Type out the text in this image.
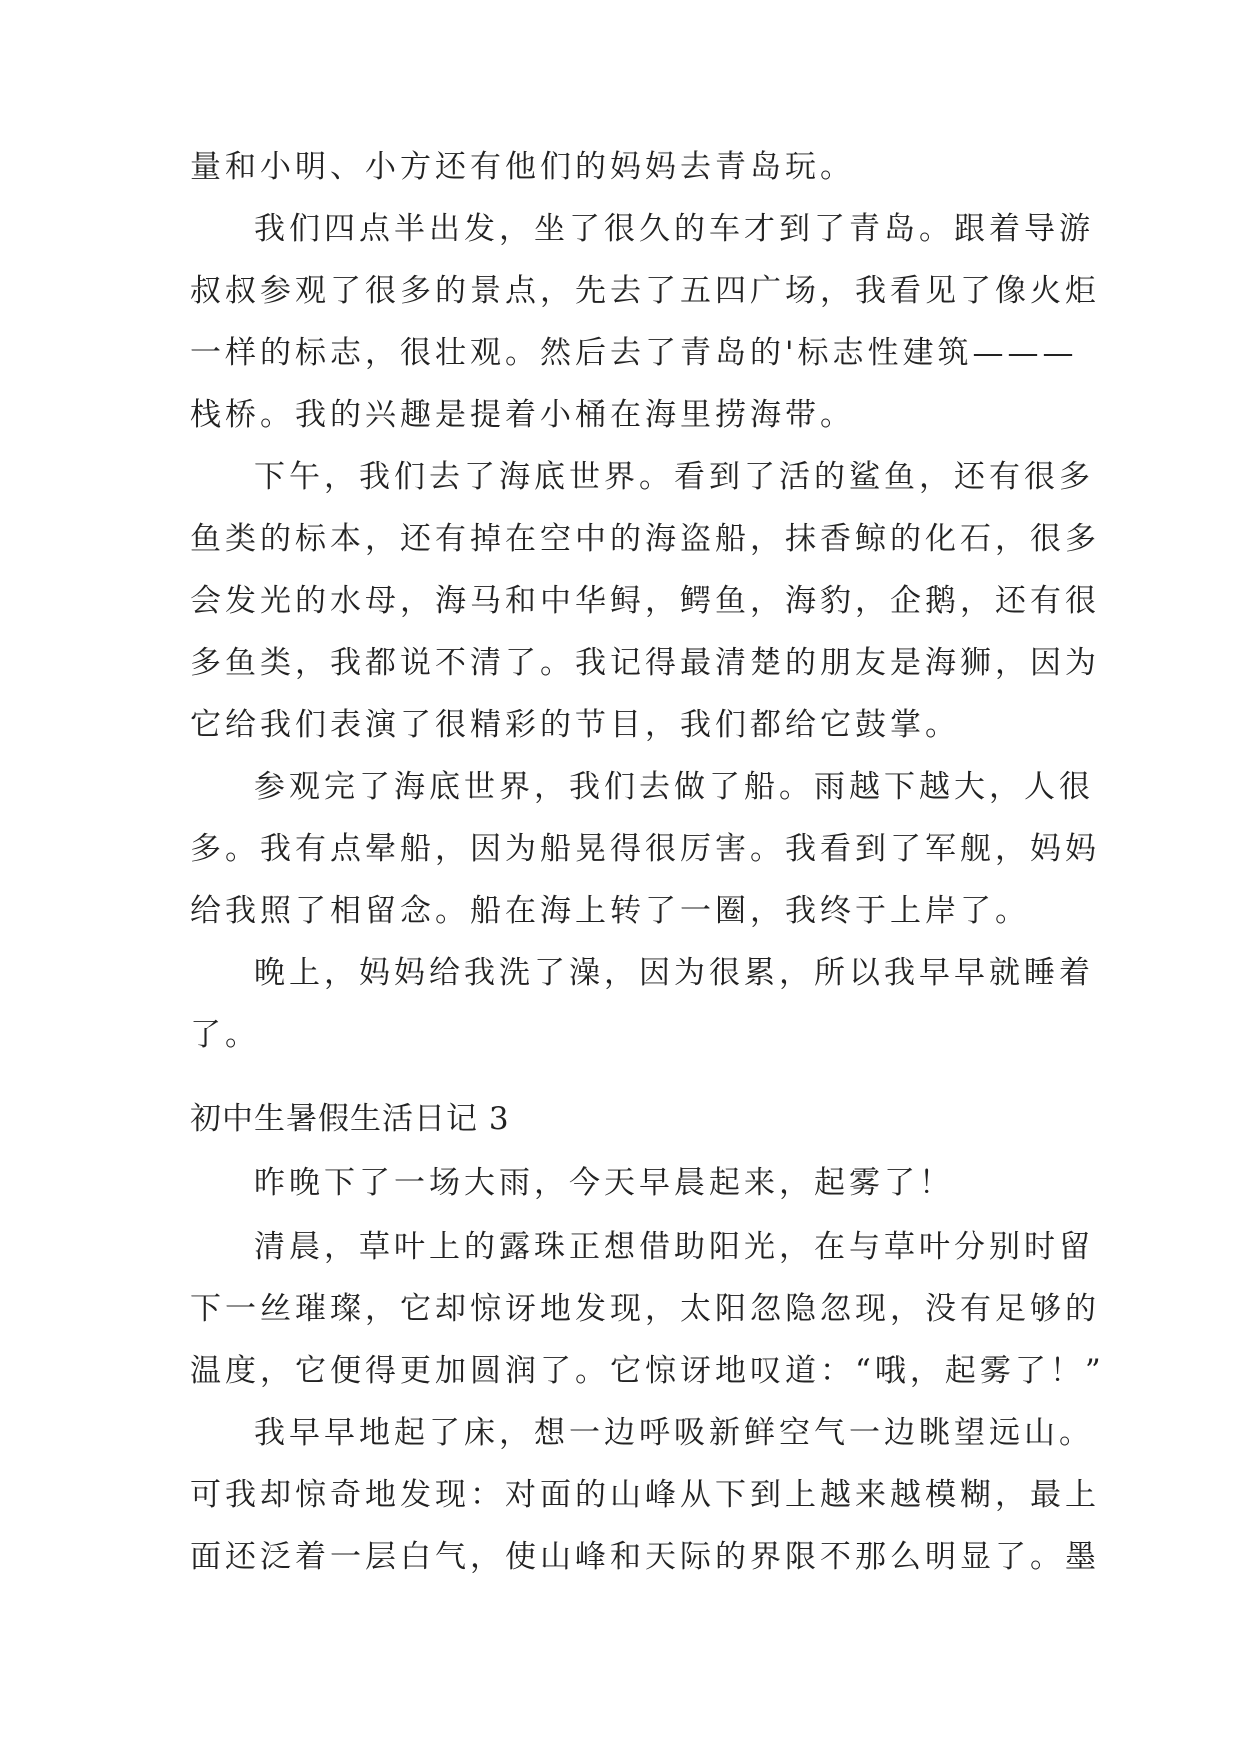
量和小明、小方还有他们的妈妈去青岛玩。
我们四点半出发，坐了很久的车才到了青岛。跟着导游
叔叔参观了很多的景点，先去了五四广场，我看见了像火炬
一样的标志，很壮观。然后去了青岛的'标志性建筑———
栈桥。我的兴趣是提着小桶在海里捞海带。
下午，我们去了海底世界。看到了活的鲨鱼，还有很多
鱼类的标本，还有掉在空中的海盗船，抹香鲸的化石，很多
会发光的水母，海马和中华鲟，鳄鱼，海豹，企鹅，还有很
多鱼类，我都说不清了。我记得最清楚的朋友是海狮，因为
它给我们表演了很精彩的节目，我们都给它鼓掌。
参观完了海底世界，我们去做了船。雨越下越大，人很
多。我有点晕船，因为船晃得很厉害。我看到了军舰，妈妈
给我照了相留念。船在海上转了一圈，我终于上岸了。
晚上，妈妈给我洗了澡，因为很累，所以我早早就睡着
了。
初中生暑假生活日记 3
昨晚下了一场大雨，今天早晨起来，起雾了！
清晨，草叶上的露珠正想借助阳光，在与草叶分别时留
下一丝璀璨，它却惊讶地发现，太阳忽隐忽现，没有足够的
温度，它便得更加圆润了。它惊讶地叹道：“哦，起雾了！”
我早早地起了床，想一边呼吸新鲜空气一边眺望远山。
可我却惊奇地发现：对面的山峰从下到上越来越模糊，最上
面还泛着一层白气，使山峰和天际的界限不那么明显了。墨
